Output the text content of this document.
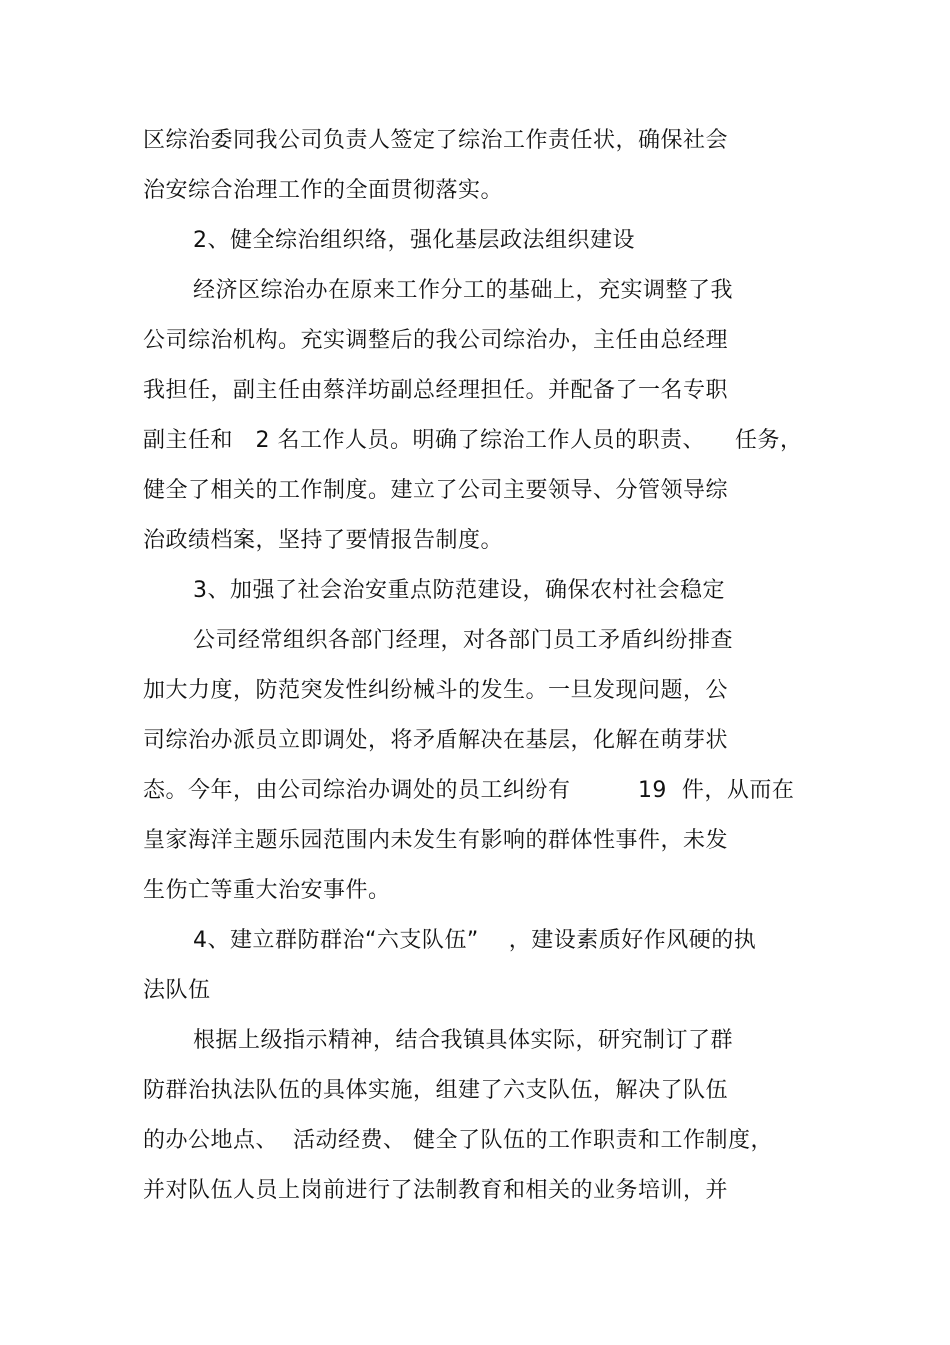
区综治委同我公司负责人签定了综治工作责任状，确保社会
治安综合治理工作的全面贯彻落实。
2、健全综治组织络，强化基层政法组织建设
经济区综治办在原来工作分工的基础上，充实调整了我
公司综治机构。充实调整后的我公司综治办，主任由总经理
我担任，副主任由蔡洋坊副总经理担任。并配备了一名专职
副主任和   2 名工作人员。明确了综治工作人员的职责、    任务，
健全了相关的工作制度。建立了公司主要领导、分管领导综
治政绩档案，坚持了要情报告制度。
3、加强了社会治安重点防范建设，确保农村社会稳定
公司经常组织各部门经理，对各部门员工矛盾纠纷排查
加大力度，防范突发性纠纷械斗的发生。一旦发现问题，公
司综治办派员立即调处，将矛盾解决在基层，化解在萌芽状
态。今年，由公司综治办调处的员工纠纷有         19  件，从而在
皇家海洋主题乐园范围内未发生有影响的群体性事件，未发
生伤亡等重大治安事件。
4、建立群防群治“六支队伍”    ，建设素质好作风硬的执
法队伍
根据上级指示精神，结合我镇具体实际，研究制订了群
防群治执法队伍的具体实施，组建了六支队伍，解决了队伍
的办公地点、  活动经费、 健全了队伍的工作职责和工作制度，
并对队伍人员上岗前进行了法制教育和相关的业务培训，并
